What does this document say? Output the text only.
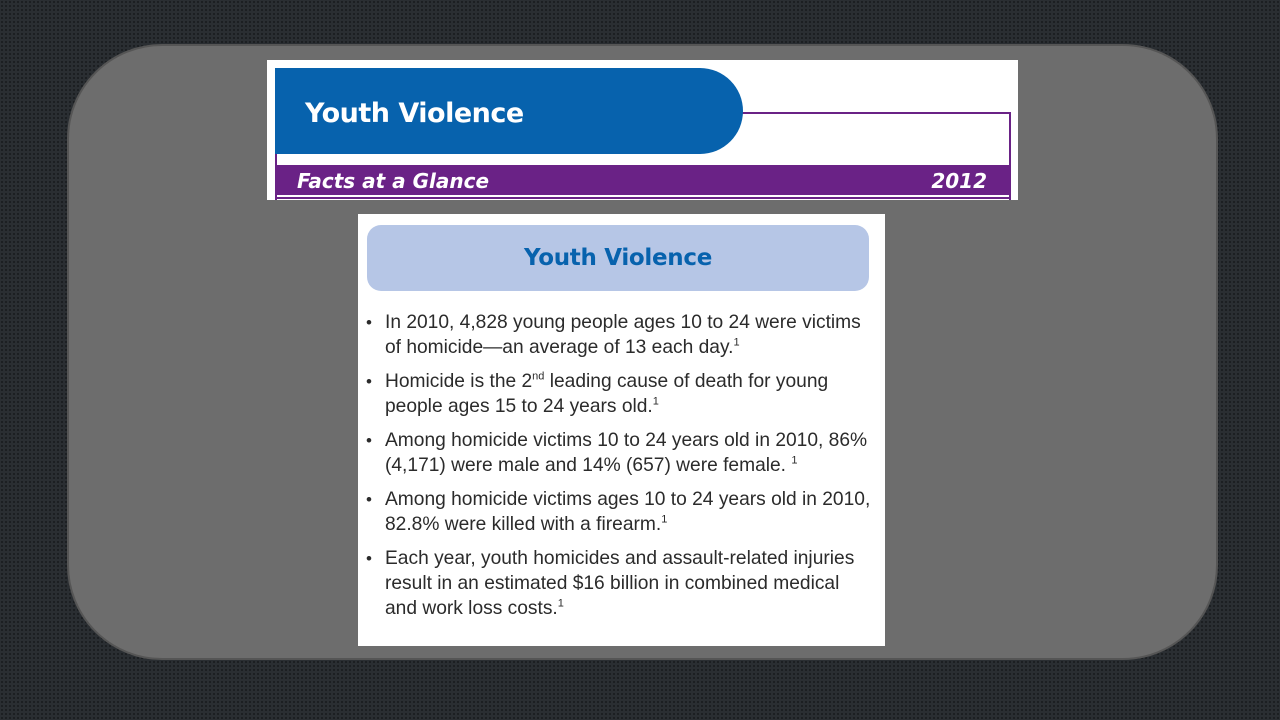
Youth Violence
Facts at a Glance	2012
Youth Violence
• In 2010, 4,828 young people ages 10 to 24 were victims of homicide—an average of 13 each day.$^1$
• Homicide is the 2nd leading cause of death for young people ages 15 to 24 years old.$^1$
• Among homicide victims 10 to 24 years old in 2010, 86% (4,171) were male and 14% (657) were female. $^1$
• Among homicide victims ages 10 to 24 years old in 2010, 82.8% were killed with a firearm.$^1$
• Each year, youth homicides and assault-related injuries result in an estimated $16 billion in combined medical and work loss costs.$^1$
